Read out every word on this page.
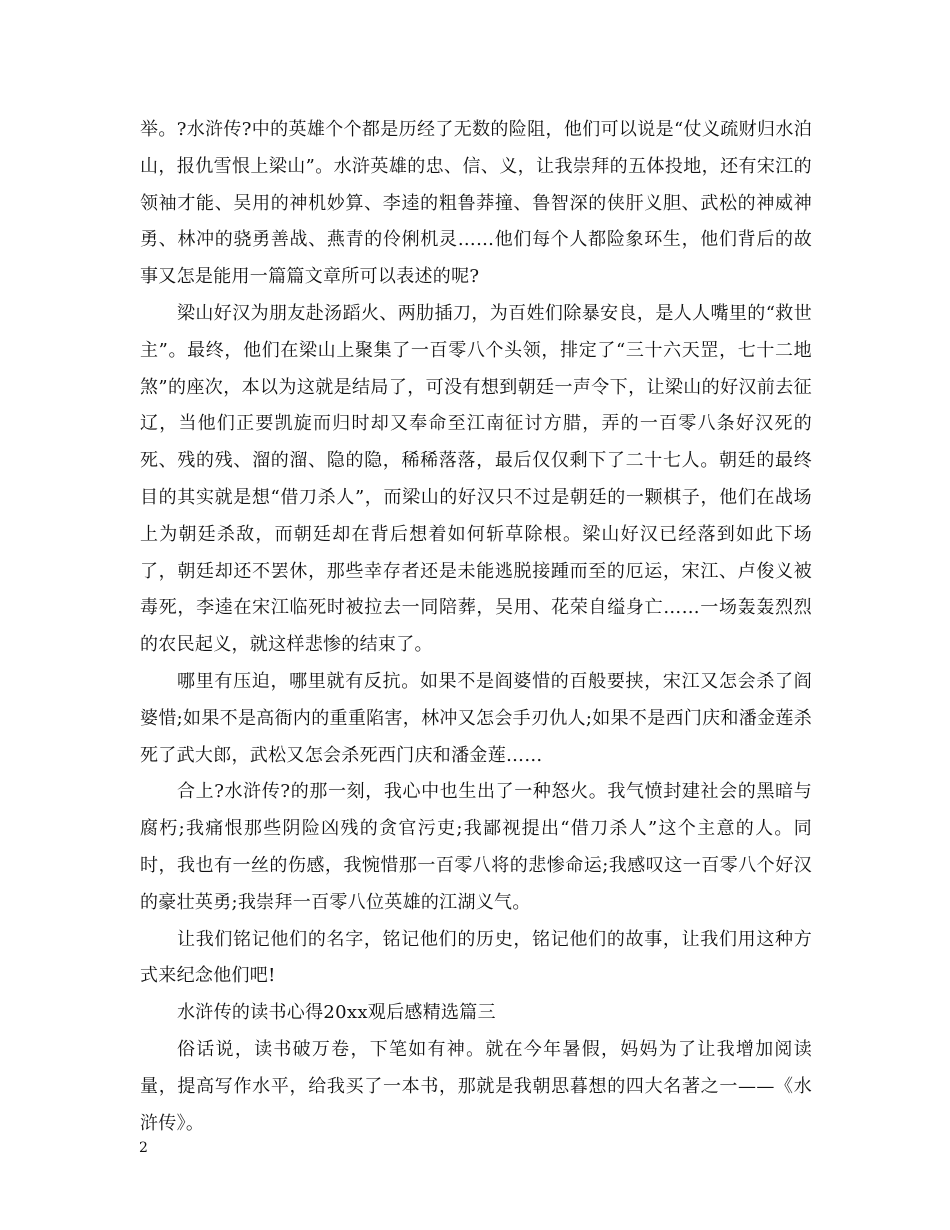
举。?水浒传?中的英雄个个都是历经了无数的险阻，他们可以说是“仗义疏财归水泊山，报仇雪恨上梁山”。水浒英雄的忠、信、义，让我崇拜的五体投地，还有宋江的领袖才能、吴用的神机妙算、李逵的粗鲁莽撞、鲁智深的侠肝义胆、武松的神威神勇、林冲的骁勇善战、燕青的伶俐机灵……他们每个人都险象环生，他们背后的故事又怎是能用一篇篇文章所可以表述的呢?

梁山好汉为朋友赴汤蹈火、两肋插刀，为百姓们除暴安良，是人人嘴里的“救世主”。最终，他们在梁山上聚集了一百零八个头领，排定了“三十六天罡，七十二地煞”的座次，本以为这就是结局了，可没有想到朝廷一声令下，让梁山的好汉前去征辽，当他们正要凯旋而归时却又奉命至江南征讨方腊，弄的一百零八条好汉死的死、残的残、溜的溜、隐的隐，稀稀落落，最后仅仅剩下了二十七人。朝廷的最终目的其实就是想“借刀杀人”，而梁山的好汉只不过是朝廷的一颗棋子，他们在战场上为朝廷杀敌，而朝廷却在背后想着如何斩草除根。梁山好汉已经落到如此下场了，朝廷却还不罢休，那些幸存者还是未能逃脱接踵而至的厄运，宋江、卢俊义被毒死，李逵在宋江临死时被拉去一同陪葬，吴用、花荣自缢身亡……一场轰轰烈烈的农民起义，就这样悲惨的结束了。

哪里有压迫，哪里就有反抗。如果不是阎婆惜的百般要挟，宋江又怎会杀了阎婆惜;如果不是高衙内的重重陷害，林冲又怎会手刃仇人;如果不是西门庆和潘金莲杀死了武大郎，武松又怎会杀死西门庆和潘金莲……

合上?水浒传?的那一刻，我心中也生出了一种怒火。我气愤封建社会的黑暗与腐朽;我痛恨那些阴险凶残的贪官污吏;我鄙视提出“借刀杀人”这个主意的人。同时，我也有一丝的伤感，我惋惜那一百零八将的悲惨命运;我感叹这一百零八个好汉的豪壮英勇;我崇拜一百零八位英雄的江湖义气。

让我们铭记他们的名字，铭记他们的历史，铭记他们的故事，让我们用这种方式来纪念他们吧!

水浒传的读书心得20xx观后感精选篇三

俗话说，读书破万卷，下笔如有神。就在今年暑假，妈妈为了让我增加阅读量，提高写作水平，给我买了一本书，那就是我朝思暮想的四大名著之一——《水浒传》。

2
